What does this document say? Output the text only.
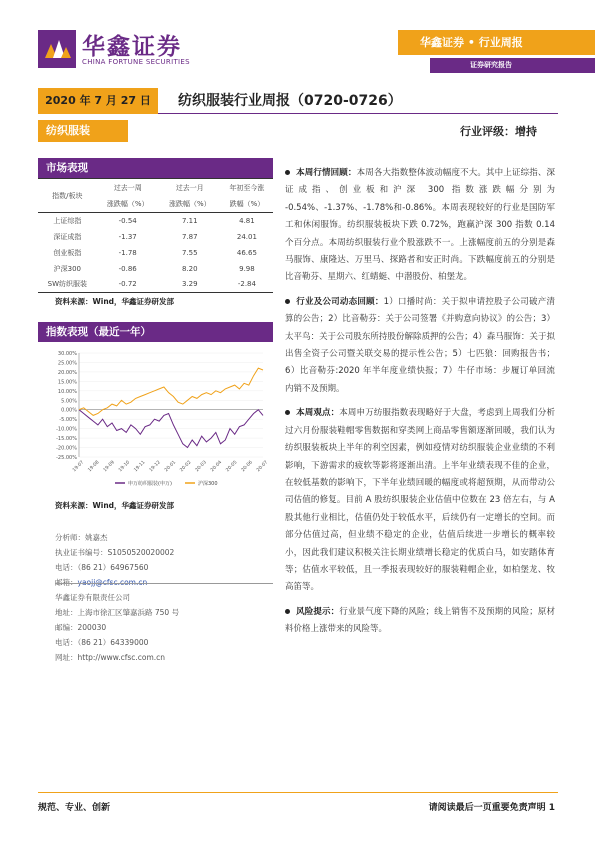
华鑫证券
CHINA FORTUNE SECURITIES
华鑫证券 • 行业周报
证券研究报告
2020 年 7 月 27 日	纺织服装行业周报（0720-0726）
纺织服装	行业评级：增持
市场表现
指数/板块	过去一周	过去一月	年初至今涨
	涨跌幅（%）	涨跌幅（%）	跌幅（%）
上证综指	-0.54	7.11	4.81
深证成指	-1.37	7.87	24.01
创业板指	-1.78	7.55	46.65
沪深300	-0.86	8.20	9.98
SW纺织服装	-0.72	3.29	-2.84
资料来源：Wind，华鑫证券研发部
指数表现（最近一年）
30.00%
25.00%
20.00%
15.00%
10.00%
5.00%
0.00%
-5.00%
-10.00%
-15.00%
-20.00%
-25.00%
19-07 19-08 19-09 19-10 19-11 19-12 20-01 20-02 20-03 20-04 20-05 20-06 20-07
申万纺织服装(申万)	沪深300
资料来源：Wind，华鑫证券研发部
分析师：姚嘉杰
执业证书编号：S1050520020002
电话：（86 21）64967560
邮箱：yaojj@cfsc.com.cn
华鑫证券有限责任公司
地址：上海市徐汇区肇嘉浜路 750 号
邮编：200030
电话：（86 21）64339000
网址：http://www.cfsc.com.cn

本周行情回顾：本周各大指数整体波动幅度不大。其中上证综指、深证成指、创业板和沪深 300 指数涨跌幅分别为 -0.54%、-1.37%、-1.78%和-0.86%。本周表现较好的行业是国防军工和休闲服饰。纺织服装板块下跌 0.72%，跑赢沪深 300 指数 0.14 个百分点。本周纺织服装行业个股涨跌不一。上涨幅度前五的分别是森马服饰、康隆达、万里马、探路者和安正时尚。下跌幅度前五的分别是比音勒芬、星期六、红蜻蜓、中潜股份、柏堡龙。

行业及公司动态回顾：1）口播时尚：关于拟申请控股子公司破产清算的公告；2）比音勒芬：关于公司签署《并购意向协议》的公告；3）太平鸟：关于公司股东所持股份解除质押的公告；4）森马服饰：关于拟出售全资子公司暨关联交易的提示性公告；5）七匹狼：回购报告书；6）比音勒芬:2020 年半年度业绩快报；7）牛仔市场：步履订单回流 内销不及预期。

本周观点：本周申万纺服指数表现略好于大盘，考虑到上周我们分析过六月份服装鞋帽零售数据和穿类网上商品零售额逐渐回暖，我们认为纺织服装板块上半年的利空因素，例如疫情对纺织服装企业业绩的不利影响，下游需求的疲软等影将逐渐出清。上半年业绩表现不佳的企业，在较低基数的影响下，下半年业绩回暖的幅度或将超预期，从而带动公司估值的修复。目前 A 股纺织服装企业估值中位数在 23 倍左右，与 A 股其他行业相比，估值仍处于较低水平，后续仍有一定增长的空间。而部分估值过高，但业绩不稳定的企业，估值后续进一步增长的概率较小，因此我们建议积极关注长期业绩增长稳定的优质白马，如安踏体育等；估值水平较低，且一季报表现较好的服装鞋帽企业，如柏堡龙、牧高笛等。

风险提示：行业景气度下降的风险；线上销售不及预期的风险；原材料价格上涨带来的风险等。

规范、专业、创新	请阅读最后一页重要免责声明 1
